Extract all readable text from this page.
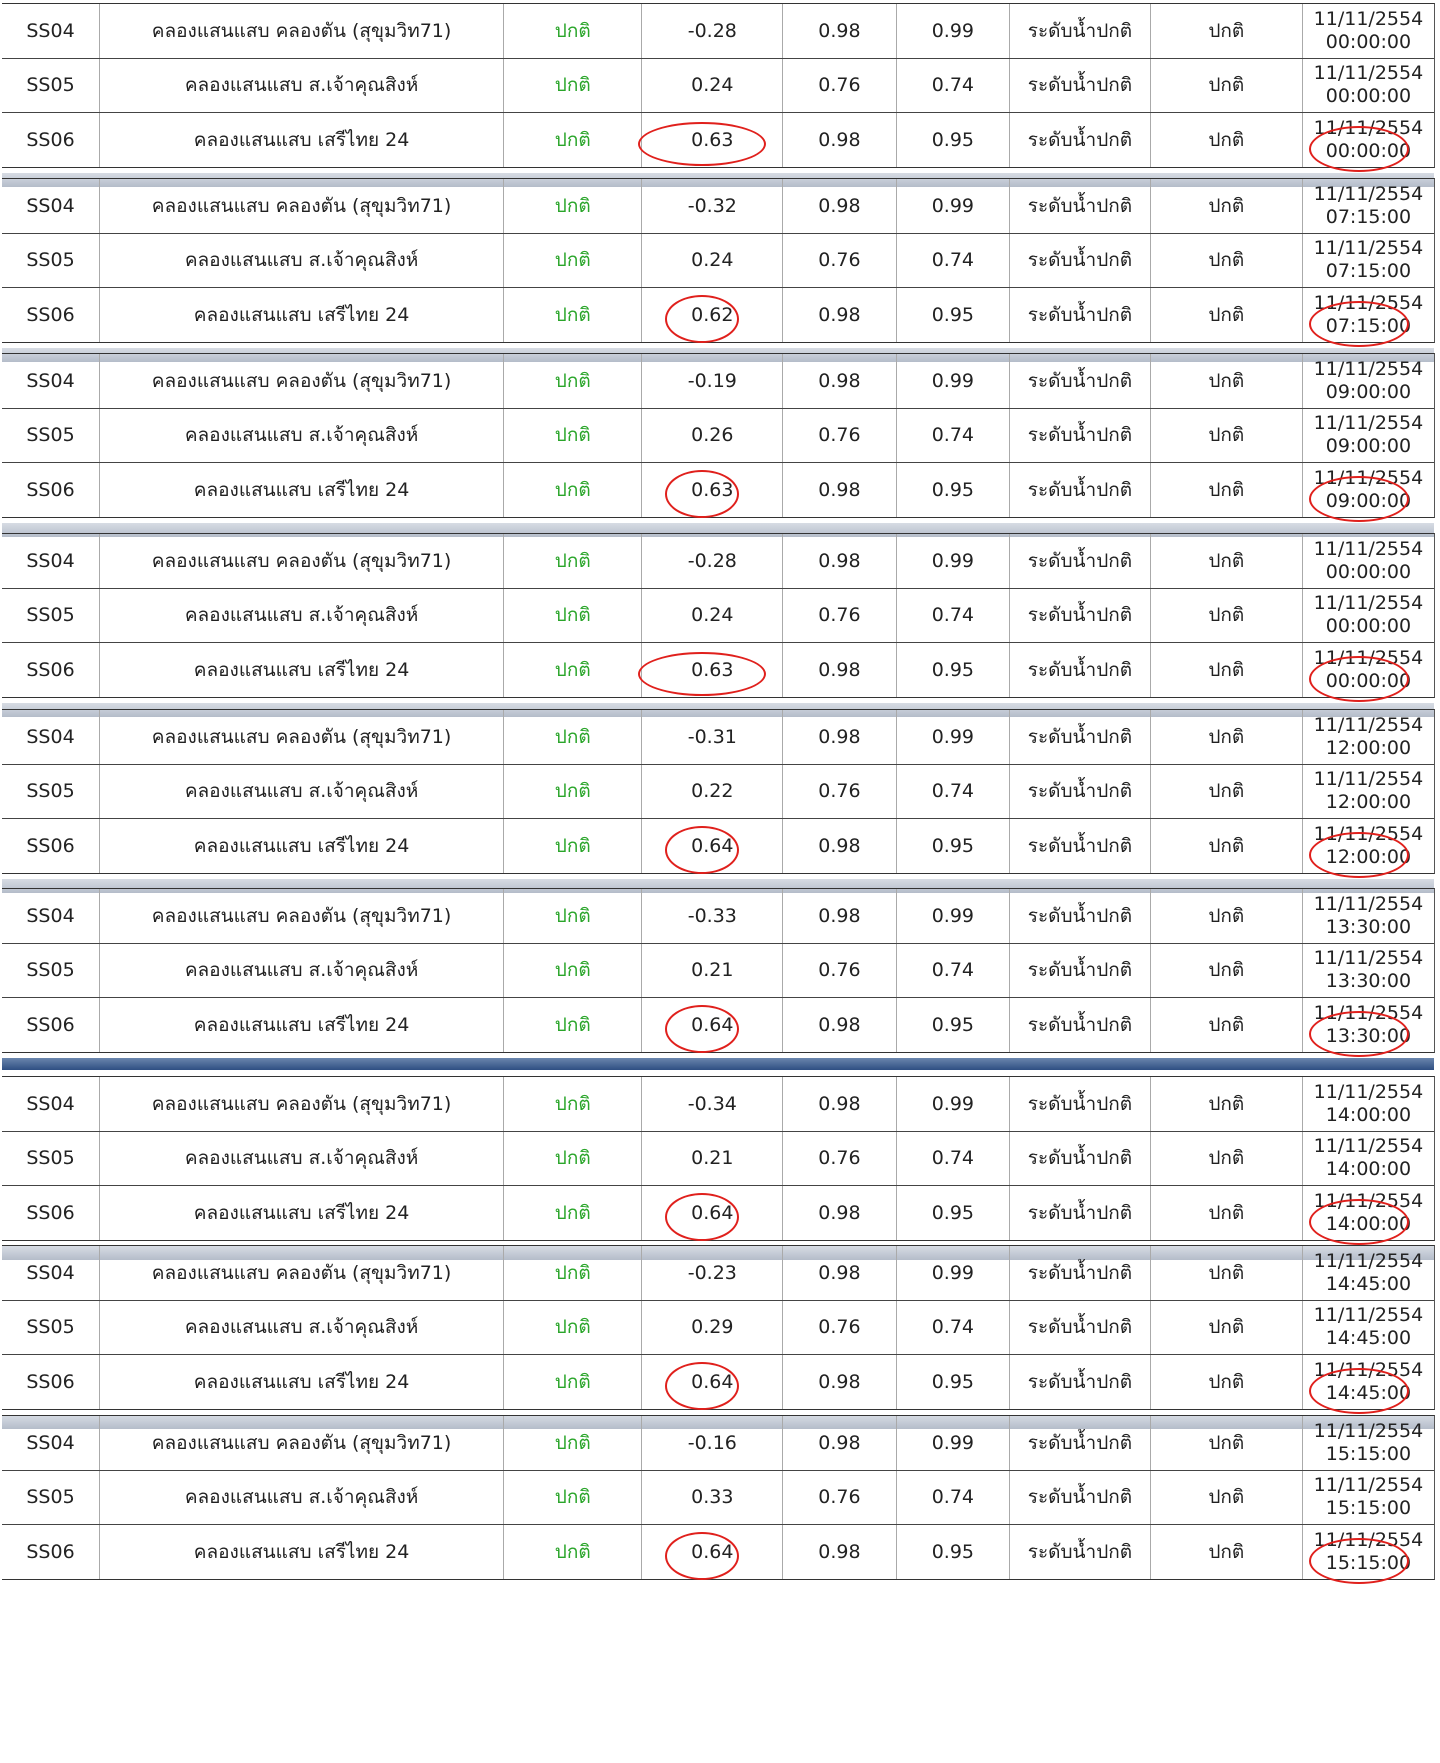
SS04	คลองแสนแสบ คลองตัน (สุขุมวิท71)	ปกติ	-0.28	0.98	0.99	ระดับน้ำปกติ	ปกติ	11/11/2554
00:00:00

SS05	คลองแสนแสบ ส.เจ้าคุณสิงห์	ปกติ	0.24	0.76	0.74	ระดับน้ำปกติ	ปกติ	11/11/2554
00:00:00

SS06	คลองแสนแสบ เสรีไทย 24	ปกติ	0.63	0.98	0.95	ระดับน้ำปกติ	ปกติ	11/11/2554
00:00:00
SS04	คลองแสนแสบ คลองตัน (สุขุมวิท71)	ปกติ	-0.32	0.98	0.99	ระดับน้ำปกติ	ปกติ	11/11/2554
07:15:00

SS05	คลองแสนแสบ ส.เจ้าคุณสิงห์	ปกติ	0.24	0.76	0.74	ระดับน้ำปกติ	ปกติ	11/11/2554
07:15:00

SS06	คลองแสนแสบ เสรีไทย 24	ปกติ	0.62	0.98	0.95	ระดับน้ำปกติ	ปกติ	11/11/2554
07:15:00
SS04	คลองแสนแสบ คลองตัน (สุขุมวิท71)	ปกติ	-0.19	0.98	0.99	ระดับน้ำปกติ	ปกติ	11/11/2554
09:00:00

SS05	คลองแสนแสบ ส.เจ้าคุณสิงห์	ปกติ	0.26	0.76	0.74	ระดับน้ำปกติ	ปกติ	11/11/2554
09:00:00

SS06	คลองแสนแสบ เสรีไทย 24	ปกติ	0.63	0.98	0.95	ระดับน้ำปกติ	ปกติ	11/11/2554
09:00:00
SS04	คลองแสนแสบ คลองตัน (สุขุมวิท71)	ปกติ	-0.28	0.98	0.99	ระดับน้ำปกติ	ปกติ	11/11/2554
00:00:00

SS05	คลองแสนแสบ ส.เจ้าคุณสิงห์	ปกติ	0.24	0.76	0.74	ระดับน้ำปกติ	ปกติ	11/11/2554
00:00:00

SS06	คลองแสนแสบ เสรีไทย 24	ปกติ	0.63	0.98	0.95	ระดับน้ำปกติ	ปกติ	11/11/2554
00:00:00
SS04	คลองแสนแสบ คลองตัน (สุขุมวิท71)	ปกติ	-0.31	0.98	0.99	ระดับน้ำปกติ	ปกติ	11/11/2554
12:00:00

SS05	คลองแสนแสบ ส.เจ้าคุณสิงห์	ปกติ	0.22	0.76	0.74	ระดับน้ำปกติ	ปกติ	11/11/2554
12:00:00

SS06	คลองแสนแสบ เสรีไทย 24	ปกติ	0.64	0.98	0.95	ระดับน้ำปกติ	ปกติ	11/11/2554
12:00:00
SS04	คลองแสนแสบ คลองตัน (สุขุมวิท71)	ปกติ	-0.33	0.98	0.99	ระดับน้ำปกติ	ปกติ	11/11/2554
13:30:00

SS05	คลองแสนแสบ ส.เจ้าคุณสิงห์	ปกติ	0.21	0.76	0.74	ระดับน้ำปกติ	ปกติ	11/11/2554
13:30:00

SS06	คลองแสนแสบ เสรีไทย 24	ปกติ	0.64	0.98	0.95	ระดับน้ำปกติ	ปกติ	11/11/2554
13:30:00
SS04	คลองแสนแสบ คลองตัน (สุขุมวิท71)	ปกติ	-0.34	0.98	0.99	ระดับน้ำปกติ	ปกติ	11/11/2554
14:00:00

SS05	คลองแสนแสบ ส.เจ้าคุณสิงห์	ปกติ	0.21	0.76	0.74	ระดับน้ำปกติ	ปกติ	11/11/2554
14:00:00

SS06	คลองแสนแสบ เสรีไทย 24	ปกติ	0.64	0.98	0.95	ระดับน้ำปกติ	ปกติ	11/11/2554
14:00:00
SS04	คลองแสนแสบ คลองตัน (สุขุมวิท71)	ปกติ	-0.23	0.98	0.99	ระดับน้ำปกติ	ปกติ	11/11/2554
14:45:00

SS05	คลองแสนแสบ ส.เจ้าคุณสิงห์	ปกติ	0.29	0.76	0.74	ระดับน้ำปกติ	ปกติ	11/11/2554
14:45:00

SS06	คลองแสนแสบ เสรีไทย 24	ปกติ	0.64	0.98	0.95	ระดับน้ำปกติ	ปกติ	11/11/2554
14:45:00
SS04	คลองแสนแสบ คลองตัน (สุขุมวิท71)	ปกติ	-0.16	0.98	0.99	ระดับน้ำปกติ	ปกติ	11/11/2554
15:15:00

SS05	คลองแสนแสบ ส.เจ้าคุณสิงห์	ปกติ	0.33	0.76	0.74	ระดับน้ำปกติ	ปกติ	11/11/2554
15:15:00

SS06	คลองแสนแสบ เสรีไทย 24	ปกติ	0.64	0.98	0.95	ระดับน้ำปกติ	ปกติ	11/11/2554
15:15:00
